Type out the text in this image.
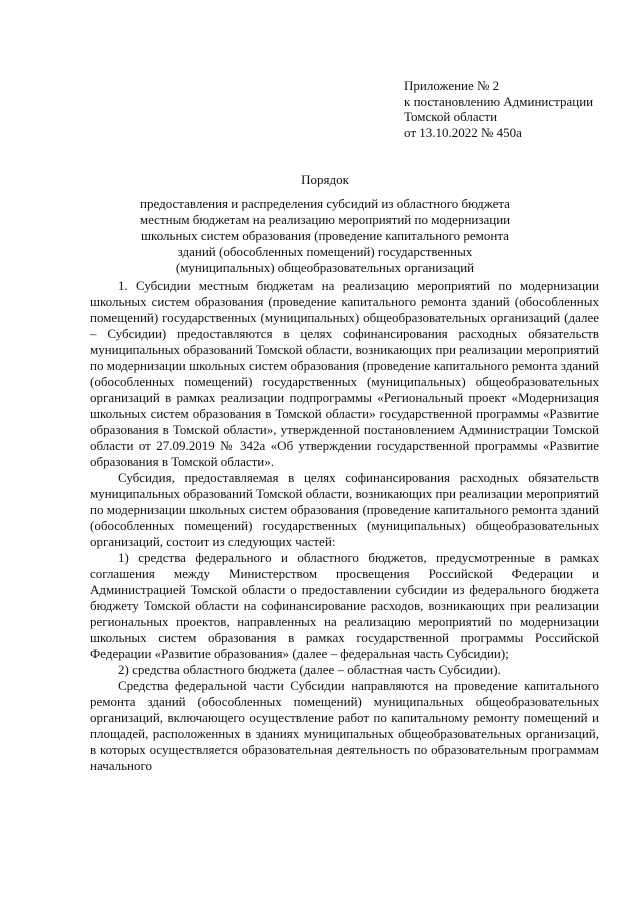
Приложение № 2
к постановлению Администрации
Томской области
от 13.10.2022 № 450а
Порядок
предоставления и распределения субсидий из областного бюджета
местным бюджетам на реализацию мероприятий по модернизации
школьных систем образования (проведение капитального ремонта
зданий (обособленных помещений) государственных
(муниципальных) общеобразовательных организаций

1. Субсидии местным бюджетам на реализацию мероприятий по модернизации школьных систем образования (проведение капитального ремонта зданий (обособленных помещений) государственных (муниципальных) общеобразовательных организаций (далее – Субсидии) предоставляются в целях софинансирования расходных обязательств муниципальных образований Томской области, возникающих при реализации мероприятий по модернизации школьных систем образования (проведение капитального ремонта зданий (обособленных помещений) государственных (муниципальных) общеобразовательных организаций в рамках реализации подпрограммы «Региональный проект «Модернизация школьных систем образования в Томской области» государственной программы «Развитие образования в Томской области», утвержденной постановлением Администрации Томской области от 27.09.2019 № 342а «Об утверждении государственной программы «Развитие образования в Томской области».

Субсидия, предоставляемая в целях софинансирования расходных обязательств муниципальных образований Томской области, возникающих при реализации мероприятий по модернизации школьных систем образования (проведение капитального ремонта зданий (обособленных помещений) государственных (муниципальных) общеобразовательных организаций, состоит из следующих частей:

1) средства федерального и областного бюджетов, предусмотренные в рамках соглашения между Министерством просвещения Российской Федерации и Администрацией Томской области о предоставлении субсидии из федерального бюджета бюджету Томской области на софинансирование расходов, возникающих при реализации региональных проектов, направленных на реализацию мероприятий по модернизации школьных систем образования в рамках государственной программы Российской Федерации «Развитие образования» (далее – федеральная часть Субсидии);

2) средства областного бюджета (далее – областная часть Субсидии).

Средства федеральной части Субсидии направляются на проведение капитального ремонта зданий (обособленных помещений) муниципальных общеобразовательных организаций, включающего осуществление работ по капитальному ремонту помещений и площадей, расположенных в зданиях муниципальных общеобразовательных организаций, в которых осуществляется образовательная деятельность по образовательным программам начального
